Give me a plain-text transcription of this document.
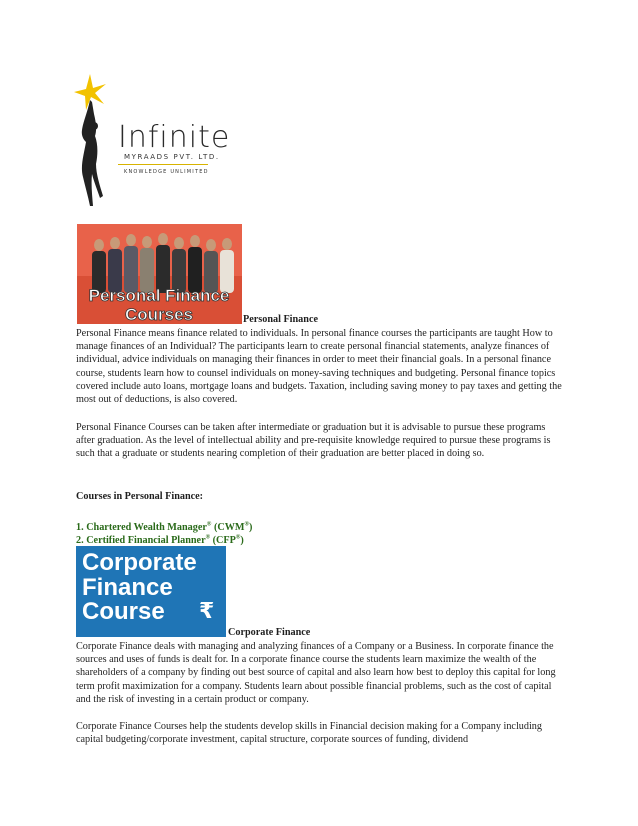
Infinite
MYRAADS PVT. LTD.
KNOWLEDGE UNLIMITED
Personal Finance
Courses	Personal Finance
Personal Finance means finance related to individuals. In personal finance courses the participants are taught How to manage finances of an Individual? The participants learn to create personal financial statements, analyze finances of individual, advice individuals on managing their finances in order to meet their financial goals. In a personal finance course, students learn how to counsel individuals on money-saving techniques and budgeting. Personal finance topics covered include auto loans, mortgage loans and budgets. Taxation, including saving money to pay taxes and getting the most out of deductions, is also covered.
Personal Finance Courses can be taken after intermediate or graduation but it is advisable to pursue these programs after graduation. As the level of intellectual ability and pre-requisite knowledge required to pursue these programs is such that a graduate or students nearing completion of their graduation are better placed in doing so.
Courses in Personal Finance:
1. Chartered Wealth Manager® (CWM®)
2. Certified Financial Planner® (CFP®)
Corporate
Finance
Course	₹
Corporate Finance
Corporate Finance deals with managing and analyzing finances of a Company or a Business. In corporate finance the sources and uses of funds is dealt for. In a corporate finance course the students learn maximize the wealth of the shareholders of a company by finding out best source of capital and also learn how best to deploy this capital for long term profit maximization for a company. Students learn about possible financial problems, such as the cost of capital and the risk of investing in a certain product or company.
Corporate Finance Courses help the students develop skills in Financial decision making for a Company including capital budgeting/corporate investment, capital structure, corporate sources of funding, dividend
